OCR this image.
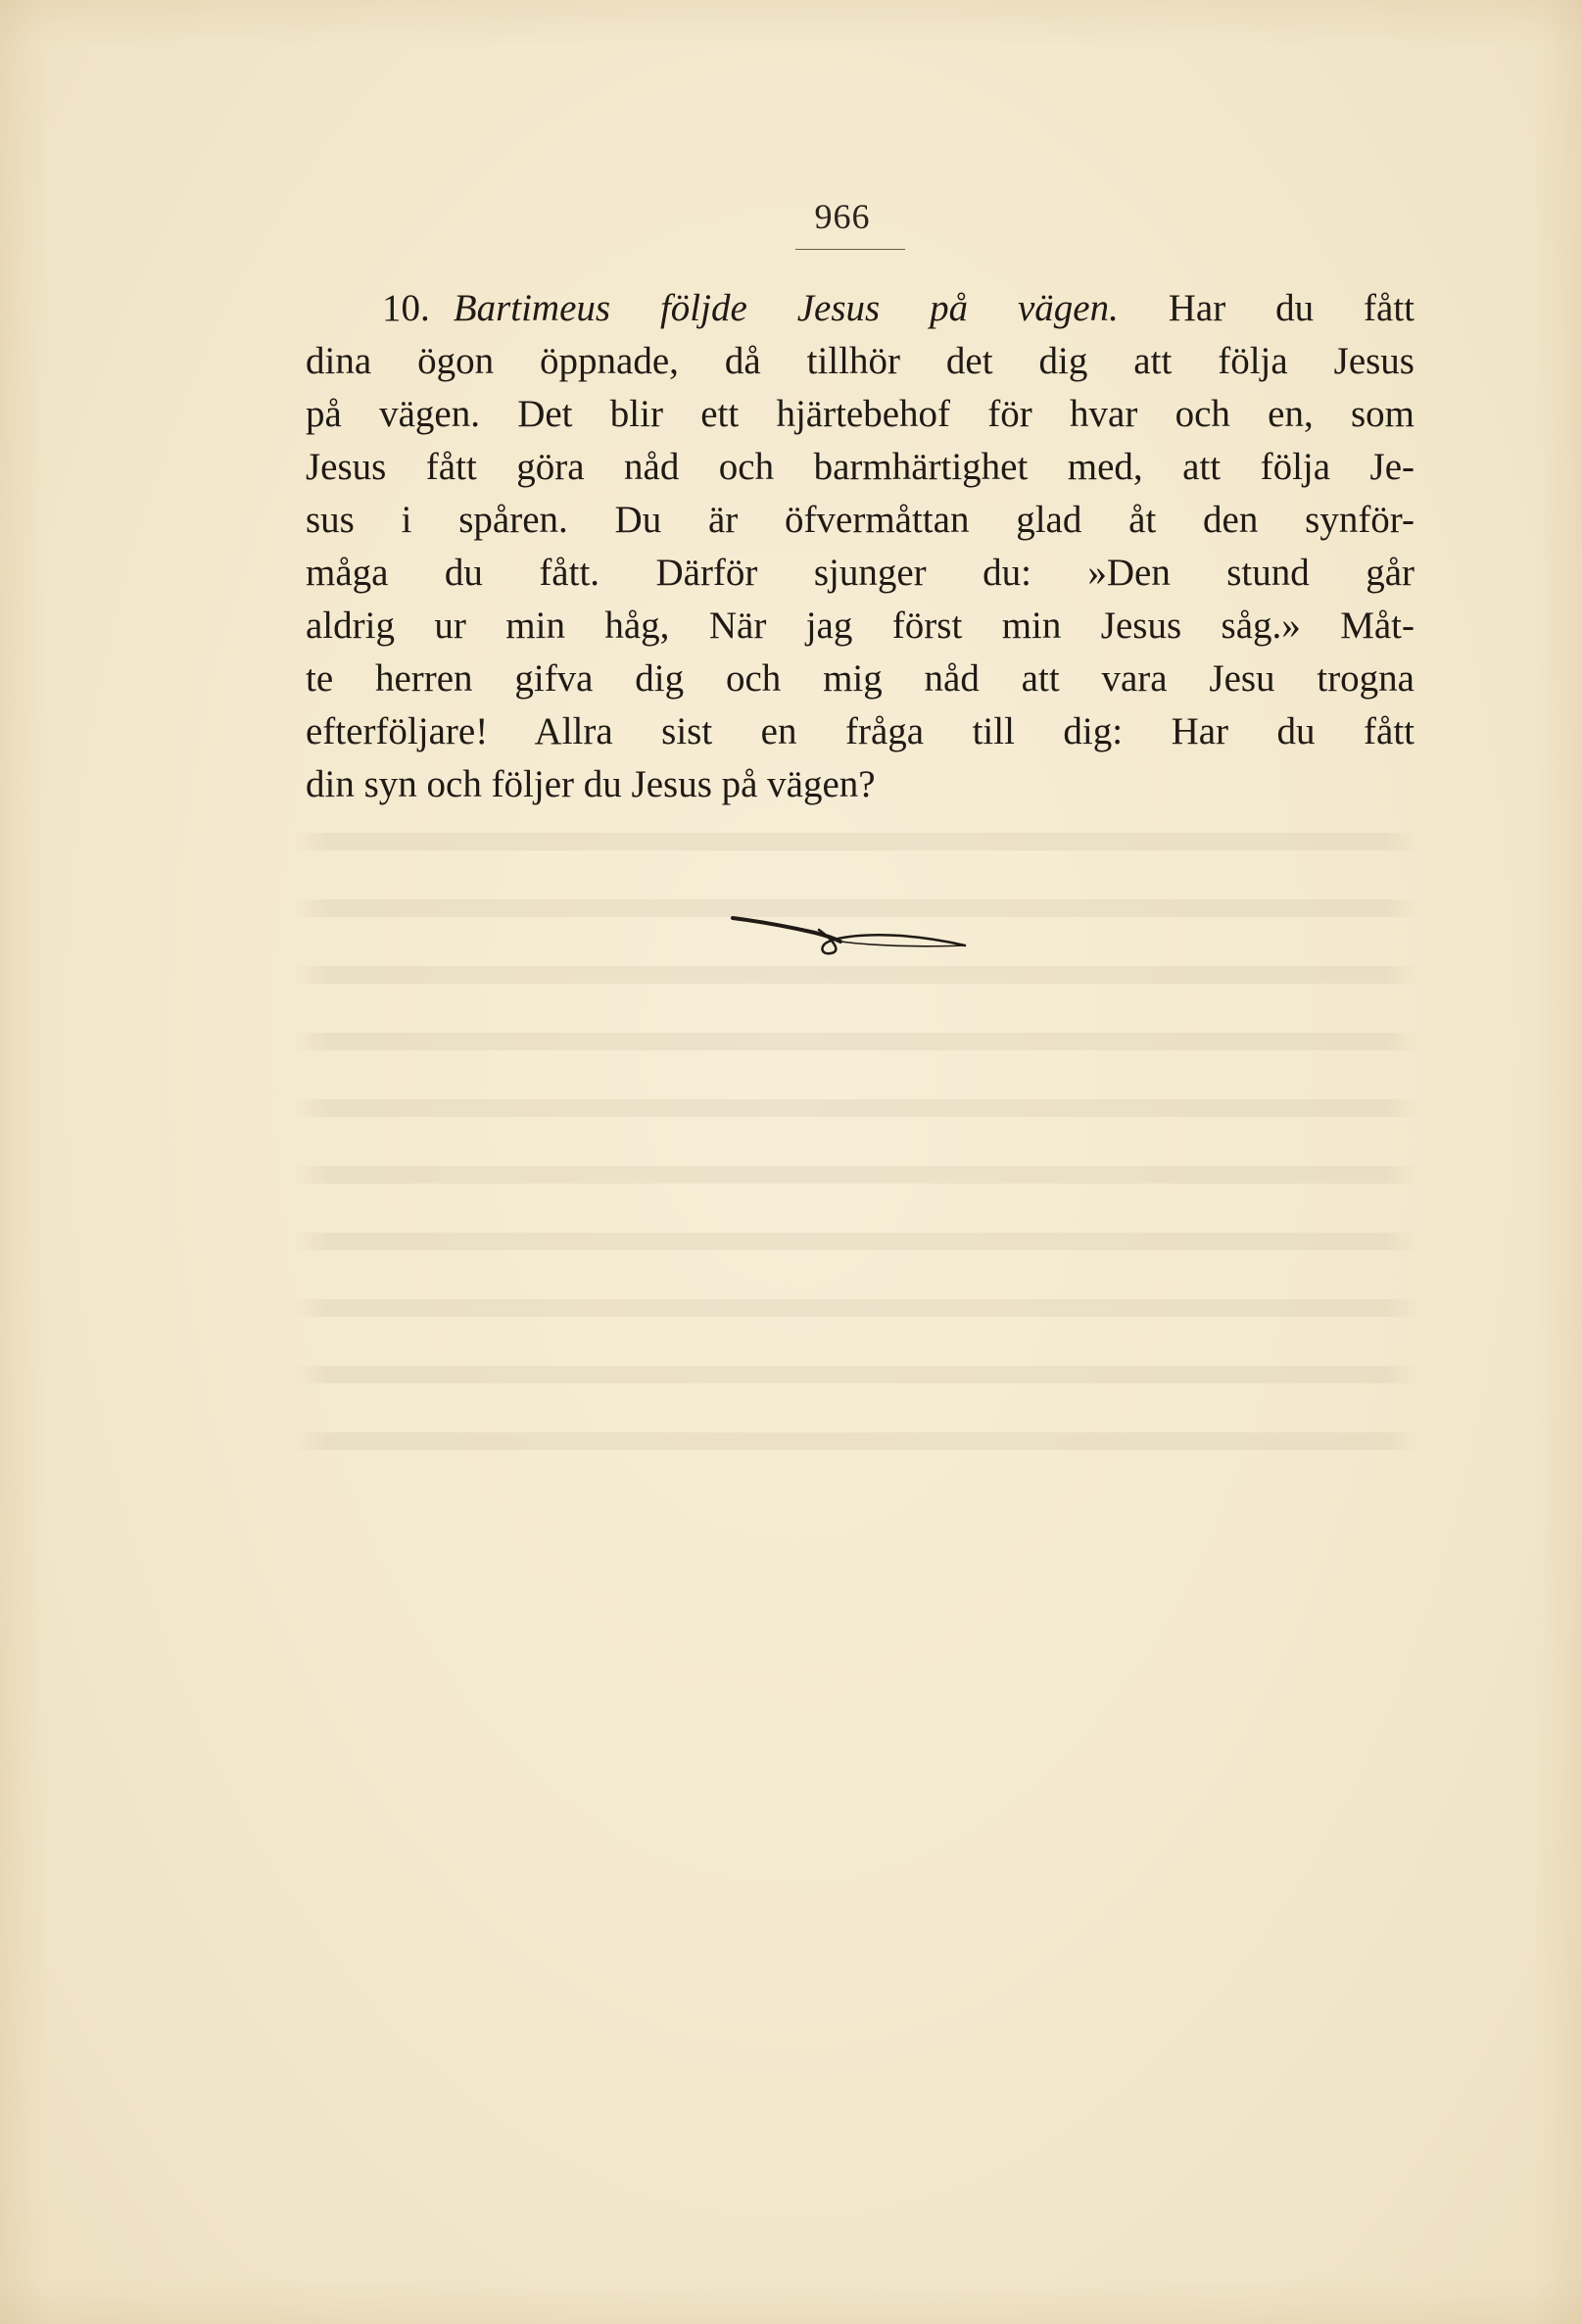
966
10. Bartimeus följde Jesus på vägen. Har du fått
dina ögon öppnade, då tillhör det dig att följa Jesus
på vägen. Det blir ett hjärtebehof för hvar och en, som
Jesus fått göra nåd och barmhärtighet med, att följa Je-
sus i spåren. Du är öfvermåttan glad åt den synför-
måga du fått. Därför sjunger du: »Den stund går
aldrig ur min håg, När jag först min Jesus såg.» Måt-
te herren gifva dig och mig nåd att vara Jesu trogna
efterföljare! Allra sist en fråga till dig: Har du fått
din syn och följer du Jesus på vägen?
